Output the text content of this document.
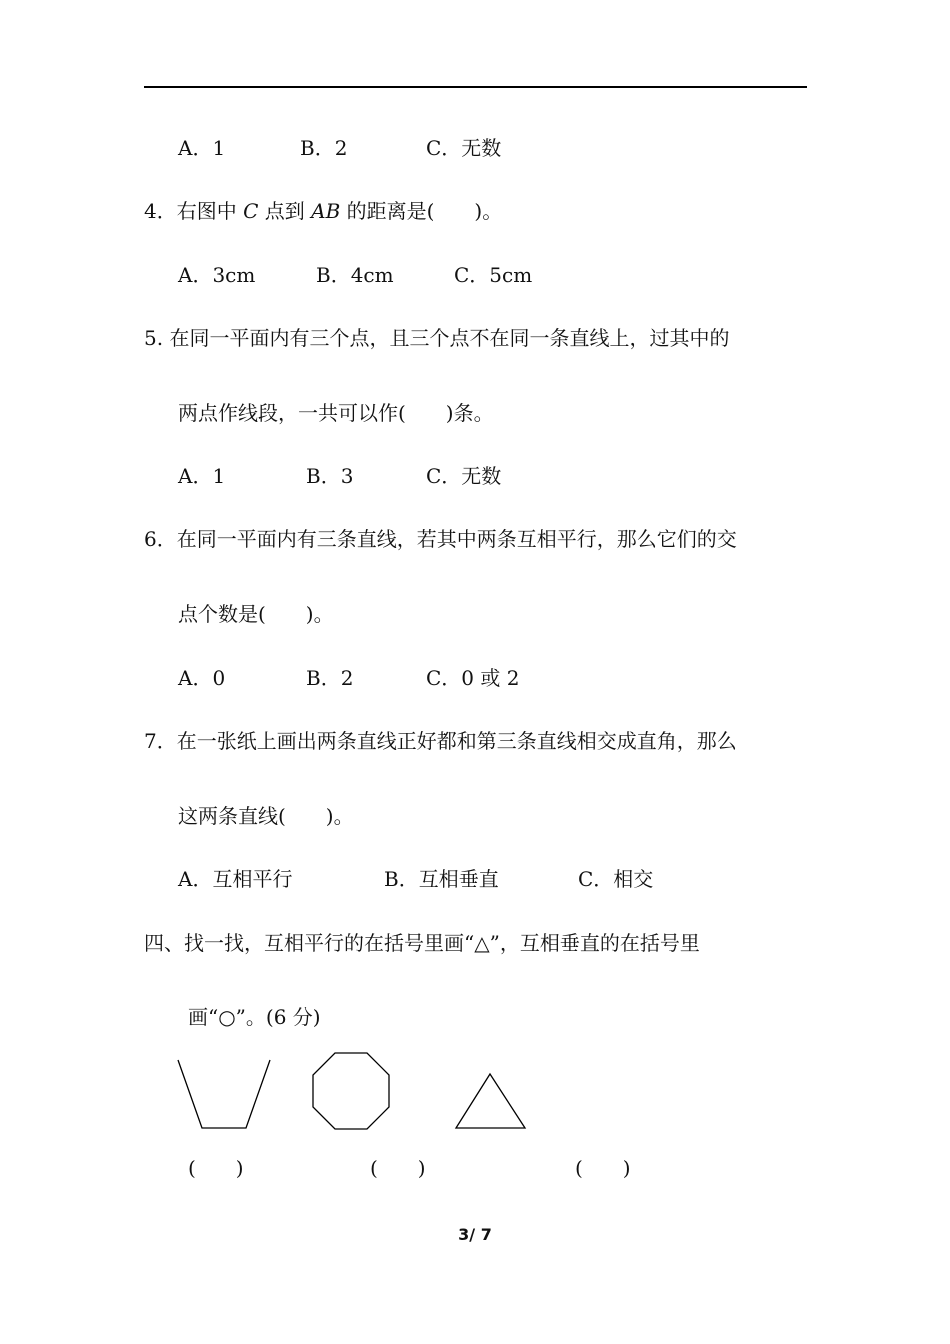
A．1	B．2	C．无数
4．右图中 C 点到 AB 的距离是(　　)。
A．3cm	B．4cm	C．5cm
5. 在同一平面内有三个点，且三个点不在同一条直线上，过其中的
两点作线段，一共可以作(　　)条。
A．1	B．3	C．无数
6．在同一平面内有三条直线，若其中两条互相平行，那么它们的交
点个数是(　　)。
A．0	B．2	C．0 或 2
7．在一张纸上画出两条直线正好都和第三条直线相交成直角，那么
这两条直线(　　)。
A．互相平行	B．互相垂直	C．相交
四、找一找，互相平行的在括号里画“△”，互相垂直的在括号里
画“○”。(6 分)
(　　)	(　　)	(　　)
3/ 7
